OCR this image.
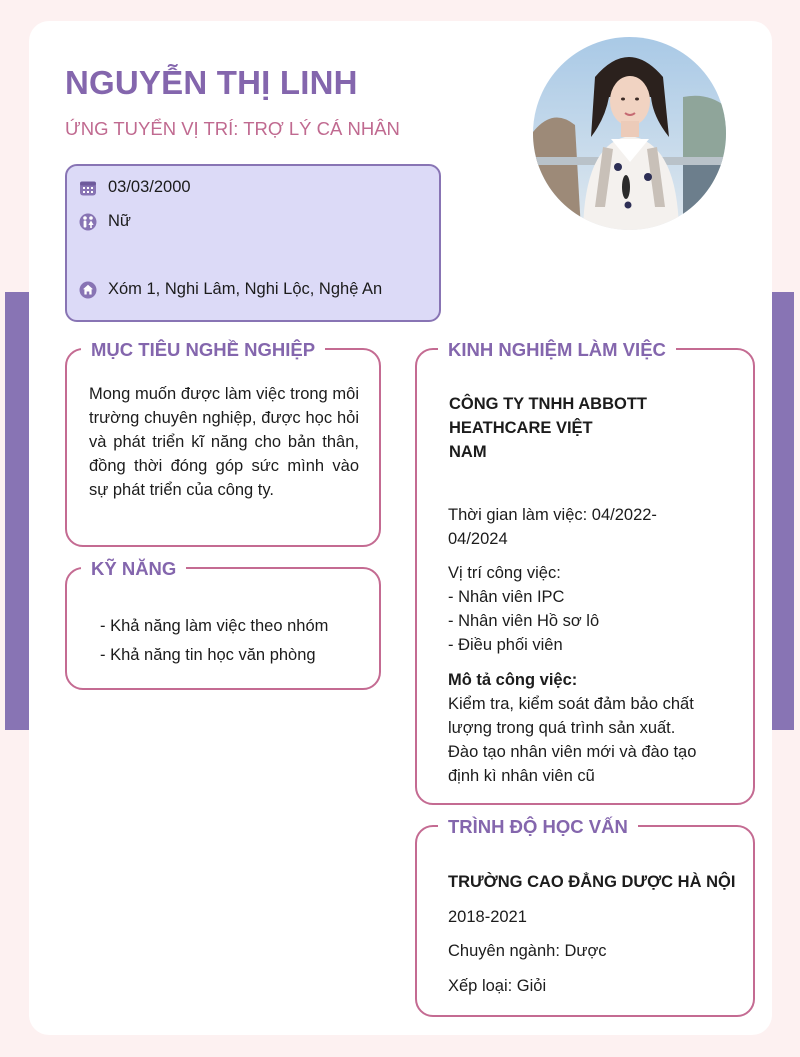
NGUYỄN THỊ LINH
ỨNG TUYỂN VỊ TRÍ: TRỢ LÝ CÁ NHÂN
03/03/2000
Nữ
Xóm 1, Nghi Lâm, Nghi Lộc, Nghệ An
MỤC TIÊU NGHỀ NGHIỆP
Mong muốn được làm việc trong môi trường chuyên nghiệp, được học hỏi và phát triển kĩ năng cho bản thân, đồng thời đóng góp sức mình vào sự phát triển của công ty.
KỸ NĂNG
- Khả năng làm việc theo nhóm
- Khả năng tin học văn phòng
KINH NGHIỆM LÀM VIỆC
CÔNG TY TNHH ABBOTT
HEATHCARE VIỆT
NAM
Thời gian làm việc: 04/2022-
04/2024
Vị trí công việc:
- Nhân viên IPC
- Nhân viên Hồ sơ lô
- Điều phối viên
Mô tả công việc:
Kiểm tra, kiểm soát đảm bảo chất
lượng trong quá trình sản xuất.
Đào tạo nhân viên mới và đào tạo
định kì nhân viên cũ
TRÌNH ĐỘ HỌC VẤN
TRƯỜNG CAO ĐẲNG DƯỢC HÀ NỘI
2018-2021
Chuyên ngành: Dược
Xếp loại: Giỏi
